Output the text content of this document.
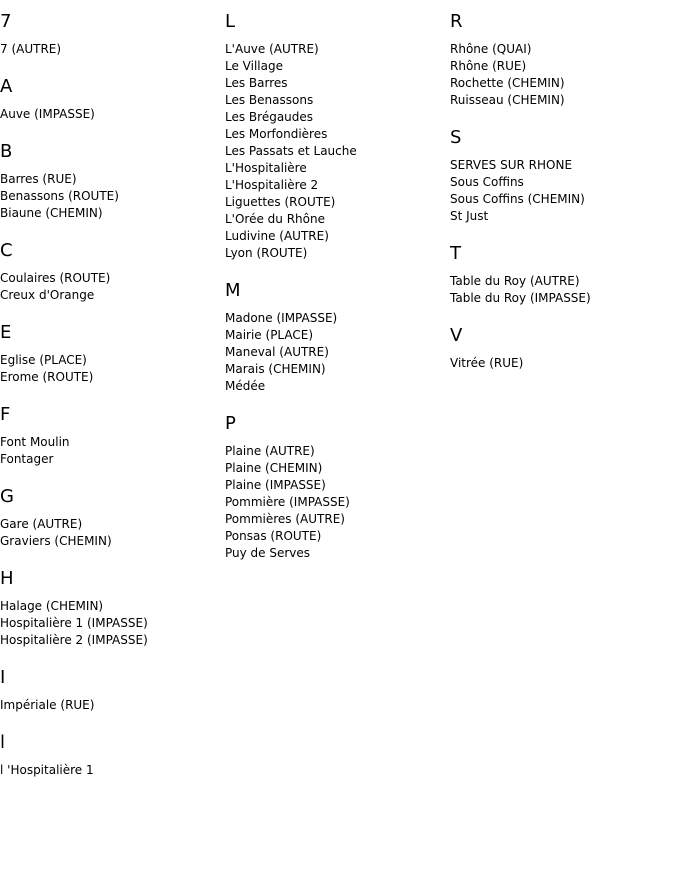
7
7 (AUTRE)
A
Auve (IMPASSE)
B
Barres (RUE)
Benassons (ROUTE)
Biaune (CHEMIN)
C
Coulaires (ROUTE)
Creux d'Orange
E
Eglise (PLACE)
Erome (ROUTE)
F
Font Moulin
Fontager
G
Gare (AUTRE)
Graviers (CHEMIN)
H
Halage (CHEMIN)
Hospitalière 1 (IMPASSE)
Hospitalière 2 (IMPASSE)
I
Impériale (RUE)
l
l 'Hospitalière 1
L
L'Auve (AUTRE)
Le Village
Les Barres
Les Benassons
Les Brégaudes
Les Morfondières
Les Passats et Lauche
L'Hospitalière
L'Hospitalière 2
Liguettes (ROUTE)
L'Orée du Rhône
Ludivine (AUTRE)
Lyon (ROUTE)
M
Madone (IMPASSE)
Mairie (PLACE)
Maneval (AUTRE)
Marais (CHEMIN)
Médée
P
Plaine (AUTRE)
Plaine (CHEMIN)
Plaine (IMPASSE)
Pommière (IMPASSE)
Pommières (AUTRE)
Ponsas (ROUTE)
Puy de Serves
R
Rhône (QUAI)
Rhône (RUE)
Rochette (CHEMIN)
Ruisseau (CHEMIN)
S
SERVES SUR RHONE
Sous Coffins
Sous Coffins (CHEMIN)
St Just
T
Table du Roy (AUTRE)
Table du Roy (IMPASSE)
V
Vitrée (RUE)
